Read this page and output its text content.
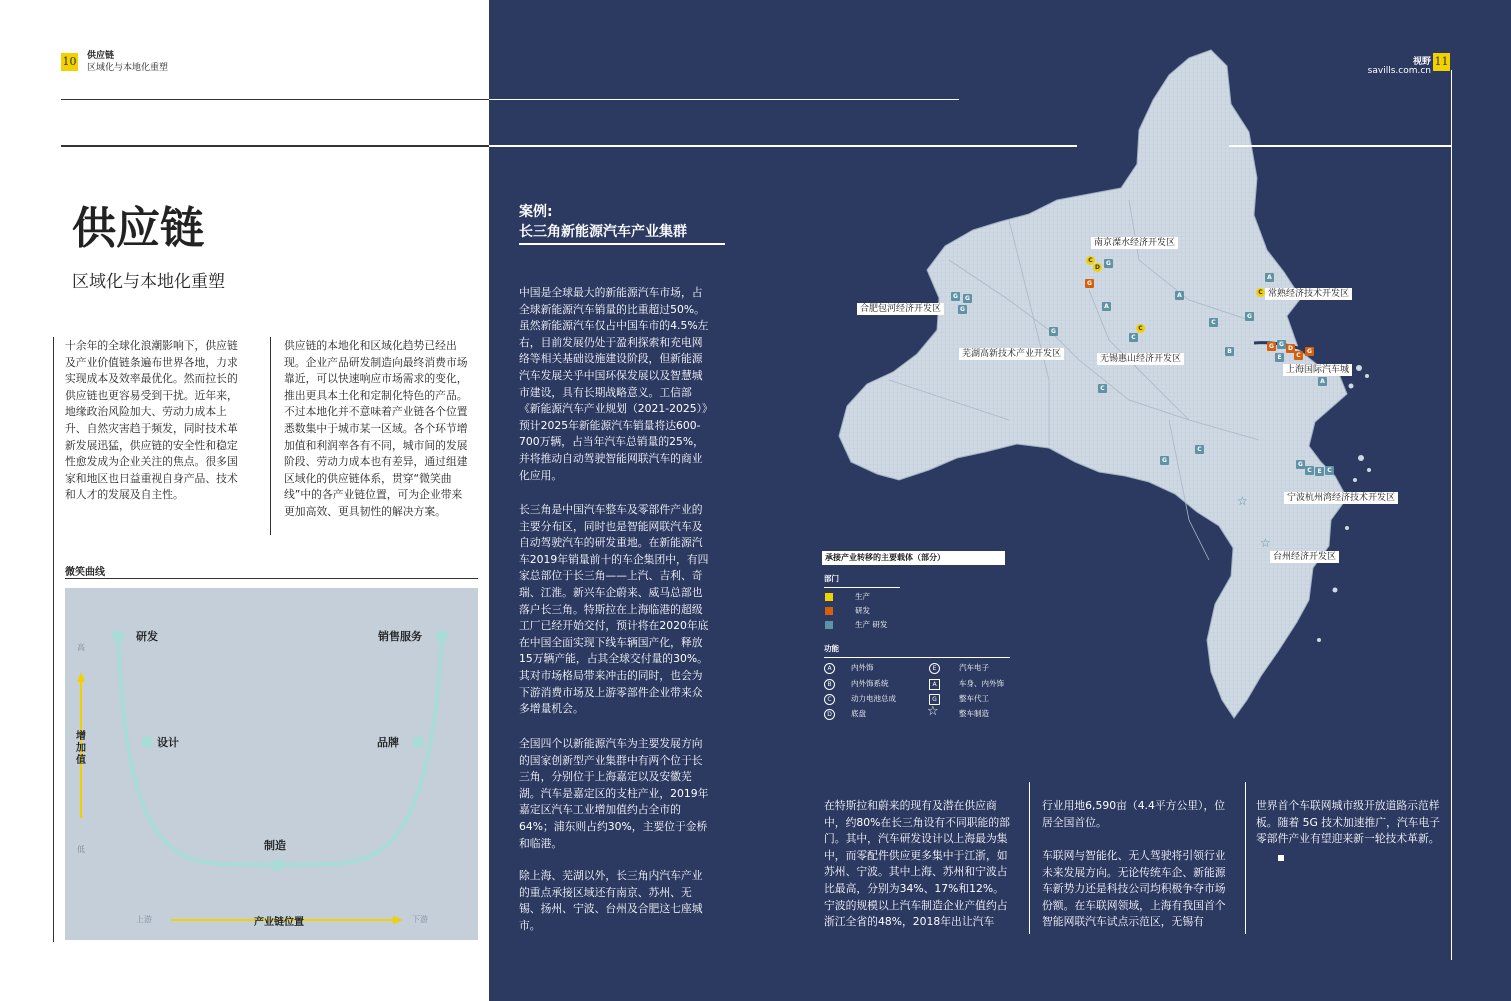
10 供应链
区域化与本地化重塑
供应链
区域化与本地化重塑
十余年的全球化浪潮影响下，供应链及产业价值链条遍布世界各地，力求实现成本及效率最优化。然而拉长的供应链也更容易受到干扰。近年来，地缘政治风险加大、劳动力成本上升、自然灾害趋于频发，同时技术革新发展迅猛，供应链的安全性和稳定性愈发成为企业关注的焦点。很多国家和地区也日益重视自身产品、技术和人才的发展及自主性。
供应链的本地化和区域化趋势已经出现。企业产品研发制造向最终消费市场靠近，可以快速响应市场需求的变化，推出更具本土化和定制化特色的产品。不过本地化并不意味着产业链各个位置悉数集中于城市某一区域。各个环节增加值和利润率各有不同，城市间的发展阶段、劳动力成本也有差异，通过组建区域化的供应链体系，贯穿“微笑曲线”中的各产业链位置，可为企业带来更加高效、更具韧性的解决方案。
微笑曲线
研发
设计
制造
品牌
销售服务
高
低
增加值
上游	下游
产业链位置
视野
savills.com.cn
11
案例:
长三角新能源汽车产业集群
中国是全球最大的新能源汽车市场，占全球新能源汽车销量的比重超过50%。虽然新能源汽车仅占中国车市的4.5%左右，目前发展仍处于盈利探索和充电网络等相关基础设施建设阶段，但新能源汽车发展关乎中国环保发展以及智慧城市建设，具有长期战略意义。工信部《新能源汽车产业规划（2021-2025）》预计2025年新能源汽车销量将达600-700万辆，占当年汽车总销量的25%，并将推动自动驾驶智能网联汽车的商业化应用。
长三角是中国汽车整车及零部件产业的主要分布区，同时也是智能网联汽车及自动驾驶汽车的研发重地。在新能源汽车2019年销量前十的车企集团中，有四家总部位于长三角——上汽、吉利、奇瑞、江淮。新兴车企蔚来、威马总部也落户长三角。特斯拉在上海临港的超级工厂已经开始交付，预计将在2020年底在中国全面实现下线车辆国产化，释放15万辆产能，占其全球交付量的30%。其对市场格局带来冲击的同时，也会为下游消费市场及上游零部件企业带来众多增量机会。
全国四个以新能源汽车为主要发展方向的国家创新型产业集群中有两个位于长三角，分别位于上海嘉定以及安徽芜湖。汽车是嘉定区的支柱产业，2019年嘉定区汽车工业增加值约占全市的64%；浦东则占约30%，主要位于金桥和临港。
除上海、芜湖以外，长三角内汽车产业的重点承接区域还有南京、苏州、无锡、扬州、宁波、台州及合肥这七座城市。
在特斯拉和蔚来的现有及潜在供应商中，约80%在长三角设有不同职能的部门。其中，汽车研发设计以上海最为集中，而零配件供应更多集中于江浙，如苏州、宁波。其中上海、苏州和宁波占比最高，分别为34%、17%和12%。宁波的规模以上汽车制造企业产值约占浙江全省的48%，2018年出让汽车
行业用地6,590亩（4.4平方公里），位居全国首位。
车联网与智能化、无人驾驶将引领行业未来发展方向。无论传统车企、新能源车新势力还是科技公司均积极争夺市场份额。在车联网领域，上海有我国首个智能网联汽车试点示范区，无锡有
世界首个车联网城市级开放道路示范样板。随着 5G 技术加速推广，汽车电子零部件产业有望迎来新一轮技术革新。
南京溧水经济开发区
常熟经济技术开发区
合肥包河经济开发区
芜湖高新技术产业开发区	无锡惠山经济开发区
上海国际汽车城
宁波杭州湾经济技术开发区
台州经济开发区
C
D
G
G
G	G
G
G
A
A
C
C
C
C
A
G
C
B
G G
D
C
G
E
A
G
C
G
C E C
☆
☆
承接产业转移的主要载体（部分）
部门
生产
研发
生产 研发
功能
A	内外饰	E	汽车电子
B	内外饰系统	A	车身、内外饰
C	动力电池总成	G	整车代工
D	底盘	☆	整车制造
